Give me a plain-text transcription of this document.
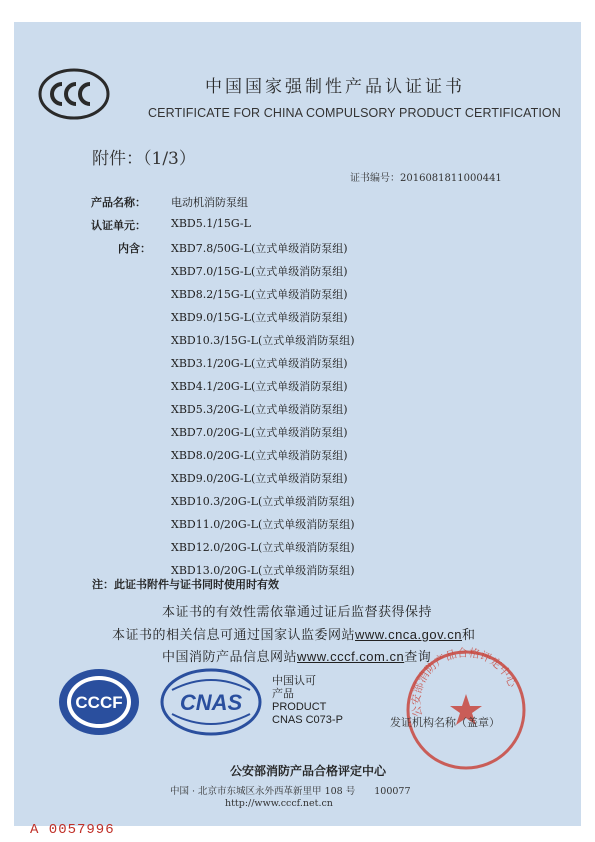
中国国家强制性产品认证证书
CERTIFICATE FOR CHINA COMPULSORY PRODUCT CERTIFICATION
附件：（1/3）
证书编号：2016081811000441
产品名称： 电动机消防泵组
认证单元： XBD5.1/15G-L
内含： XBD7.8/50G-L(立式单级消防泵组)
XBD7.0/15G-L(立式单级消防泵组)
XBD8.2/15G-L(立式单级消防泵组)
XBD9.0/15G-L(立式单级消防泵组)
XBD10.3/15G-L(立式单级消防泵组)
XBD3.1/20G-L(立式单级消防泵组)
XBD4.1/20G-L(立式单级消防泵组)
XBD5.3/20G-L(立式单级消防泵组)
XBD7.0/20G-L(立式单级消防泵组)
XBD8.0/20G-L(立式单级消防泵组)
XBD9.0/20G-L(立式单级消防泵组)
XBD10.3/20G-L(立式单级消防泵组)
XBD11.0/20G-L(立式单级消防泵组)
XBD12.0/20G-L(立式单级消防泵组)
XBD13.0/20G-L(立式单级消防泵组)
注：此证书附件与证书同时使用时有效
本证书的有效性需依靠通过证后监督获得保持
本证书的相关信息可通过国家认监委网站www.cnca.gov.cn和
中国消防产品信息网站www.cccf.com.cn查询
CCCF	CNAS
中国认可
产品
PRODUCT
CNAS C073-P
公安部消防产品合格评定中心
发证机构名称（盖章）
公安部消防产品合格评定中心
中国 · 北京市东城区永外西革新里甲 108 号　　100077
http://www.cccf.net.cn
A 0057996
